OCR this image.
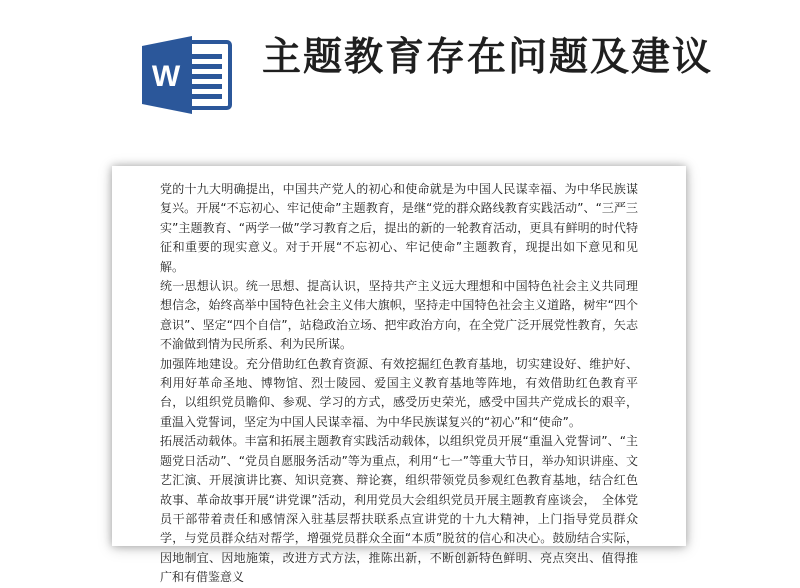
W 主题教育存在问题及建议

党的十九大明确提出，中国共产党人的初心和使命就是为中国人民谋幸福、为中华民族谋复兴。开展“不忘初心、牢记使命”主题教育，是继“党的群众路线教育实践活动”、“三严三实”主题教育、“两学一做”学习教育之后，提出的新的一轮教育活动，更具有鲜明的时代特征和重要的现实意义。对于开展“不忘初心、牢记使命”主题教育，现提出如下意见和见解。

统一思想认识。统一思想、提高认识，坚持共产主义远大理想和中国特色社会主义共同理想信念，始终高举中国特色社会主义伟大旗帜，坚持走中国特色社会主义道路，树牢“四个意识”、坚定“四个自信”，站稳政治立场、把牢政治方向，在全党广泛开展党性教育，矢志不渝做到情为民所系、利为民所谋。

加强阵地建设。充分借助红色教育资源、有效挖掘红色教育基地，切实建设好、维护好、利用好革命圣地、博物馆、烈士陵园、爱国主义教育基地等阵地，有效借助红色教育平台，以组织党员瞻仰、参观、学习的方式，感受历史荣光，感受中国共产党成长的艰辛，重温入党誓词，坚定为中国人民谋幸福、为中华民族谋复兴的“初心”和“使命”。

拓展活动载体。丰富和拓展主题教育实践活动载体，以组织党员开展“重温入党誓词”、“主题党日活动”、“党员自愿服务活动”等为重点，利用“七一”等重大节日，举办知识讲座、文艺汇演、开展演讲比赛、知识竞赛、辩论赛，组织带领党员参观红色教育基地，结合红色故事、革命故事开展“讲党课”活动，利用党员大会组织党员开展主题教育座谈会，　全体党员干部带着责任和感情深入驻基层帮扶联系点宣讲党的十九大精神，上门指导党员群众学，与党员群众结对帮学，增强党员群众全面“本质”脱贫的信心和决心。鼓励结合实际，因地制宜、因地施策，改进方式方法，推陈出新，不断创新特色鲜明、亮点突出、值得推广和有借鉴意义
